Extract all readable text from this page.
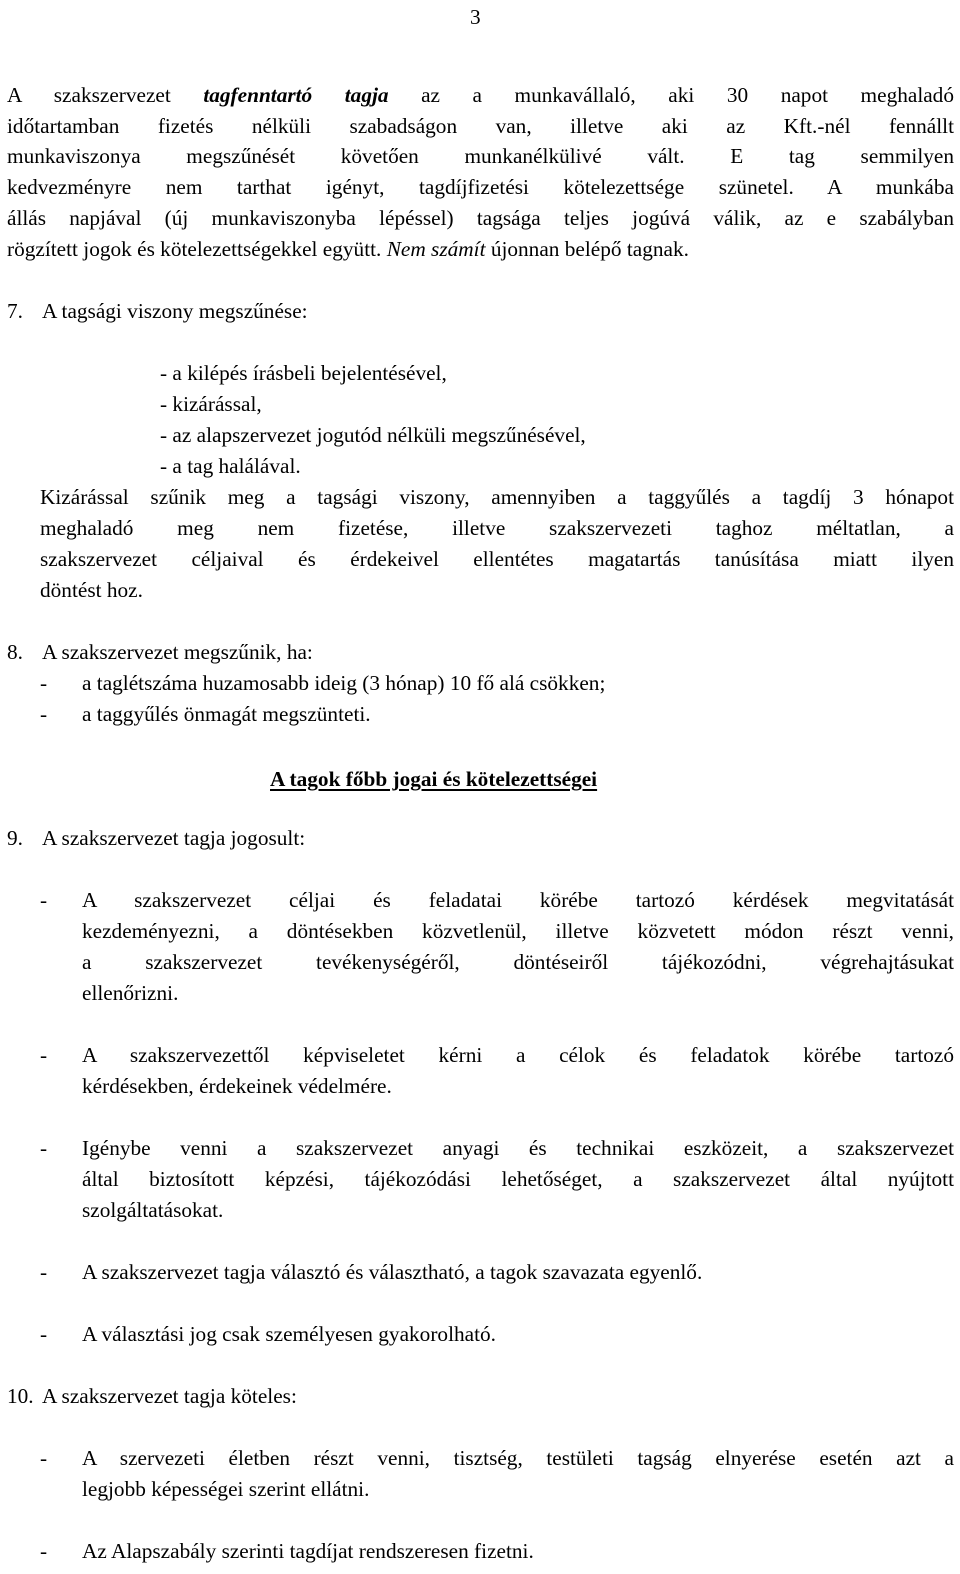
3
A szakszervezet tagfenntartó tagja az a munkavállaló, aki 30 napot meghaladó
időtartamban fizetés nélküli szabadságon van, illetve aki az Kft.-nél fennállt
munkaviszonya megszűnését követően munkanélkülivé vált. E tag semmilyen
kedvezményre nem tarthat igényt, tagdíjfizetési kötelezettsége szünetel. A munkába
állás napjával (új munkaviszonyba lépéssel) tagsága teljes jogúvá válik, az e szabályban
rögzített jogok és kötelezettségekkel együtt. Nem számít újonnan belépő tagnak.
7. A tagsági viszony megszűnése:
- a kilépés írásbeli bejelentésével,
- kizárással,
- az alapszervezet jogutód nélküli megszűnésével,
- a tag halálával.
Kizárással szűnik meg a tagsági viszony, amennyiben a taggyűlés a tagdíj 3 hónapot
meghaladó meg nem fizetése, illetve szakszervezeti taghoz méltatlan, a
szakszervezet céljaival és érdekeivel ellentétes magatartás tanúsítása miatt ilyen
döntést hoz.
8. A szakszervezet megszűnik, ha:
- a taglétszáma huzamosabb ideig (3 hónap) 10 fő alá csökken;
- a taggyűlés önmagát megszünteti.
A tagok főbb jogai és kötelezettségei
9. A szakszervezet tagja jogosult:
- A szakszervezet céljai és feladatai körébe tartozó kérdések megvitatását
kezdeményezni, a döntésekben közvetlenül, illetve közvetett módon részt venni,
a szakszervezet tevékenységéről, döntéseiről tájékozódni, végrehajtásukat
ellenőrizni.
- A szakszervezettől képviseletet kérni a célok és feladatok körébe tartozó
kérdésekben, érdekeinek védelmére.
- Igénybe venni a szakszervezet anyagi és technikai eszközeit, a szakszervezet
által biztosított képzési, tájékozódási lehetőséget, a szakszervezet által nyújtott
szolgáltatásokat.
- A szakszervezet tagja választó és választható, a tagok szavazata egyenlő.
- A választási jog csak személyesen gyakorolható.
10. A szakszervezet tagja köteles:
- A szervezeti életben részt venni, tisztség, testületi tagság elnyerése esetén azt a
legjobb képességei szerint ellátni.
- Az Alapszabály szerinti tagdíjat rendszeresen fizetni.
